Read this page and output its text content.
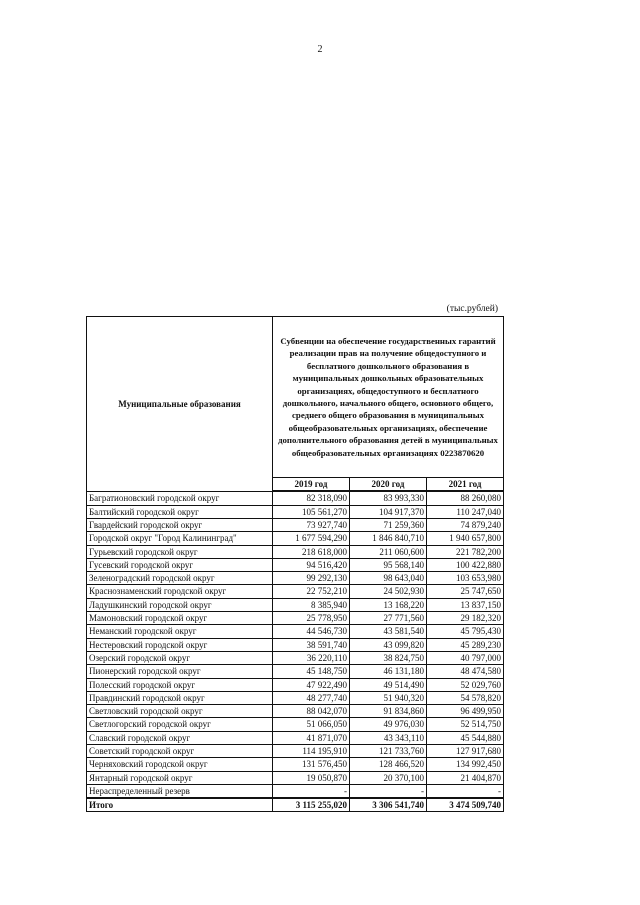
2
(тыс.рублей)
Муниципальные образования	Субвенции на обеспечение государственных гарантий реализации прав на получение общедоступного и бесплатного дошкольного образования в муниципальных дошкольных образовательных организациях, общедоступного и бесплатного дошкольного, начального общего, основного общего, среднего общего образования в муниципальных общеобразовательных организациях, обеспечение дополнительного образования детей в муниципальных общеобразовательных организациях 0223870620		
	2019 год	2020 год	2021 год
Багратионовский городской округ	82 318,090	83 993,330	88 260,080
Балтийский городской округ	105 561,270	104 917,370	110 247,040
Гвардейский городской округ	73 927,740	71 259,360	74 879,240
Городской округ "Город Калининград"	1 677 594,290	1 846 840,710	1 940 657,800
Гурьевский городской округ	218 618,000	211 060,600	221 782,200
Гусевский городской округ	94 516,420	95 568,140	100 422,880
Зеленоградский городской округ	99 292,130	98 643,040	103 653,980
Краснознаменский городской округ	22 752,210	24 502,930	25 747,650
Ладушкинский городской округ	8 385,940	13 168,220	13 837,150
Мамоновский городской округ	25 778,950	27 771,560	29 182,320
Неманский городской округ	44 546,730	43 581,540	45 795,430
Нестеровский городской округ	38 591,740	43 099,820	45 289,230
Озерский городской округ	36 220,110	38 824,750	40 797,000
Пионерский городской округ	45 148,750	46 131,180	48 474,580
Полесский городской округ	47 922,490	49 514,490	52 029,760
Правдинский городской округ	48 277,740	51 940,320	54 578,820
Светловский городской округ	88 042,070	91 834,860	96 499,950
Светлогорский городской округ	51 066,050	49 976,030	52 514,750
Славский городской округ	41 871,070	43 343,110	45 544,880
Советский городской округ	114 195,910	121 733,760	127 917,680
Черняховский городской округ	131 576,450	128 466,520	134 992,450
Янтарный городской округ	19 050,870	20 370,100	21 404,870
Нераспределенный резерв	-	-	-
Итого	3 115 255,020	3 306 541,740	3 474 509,740
